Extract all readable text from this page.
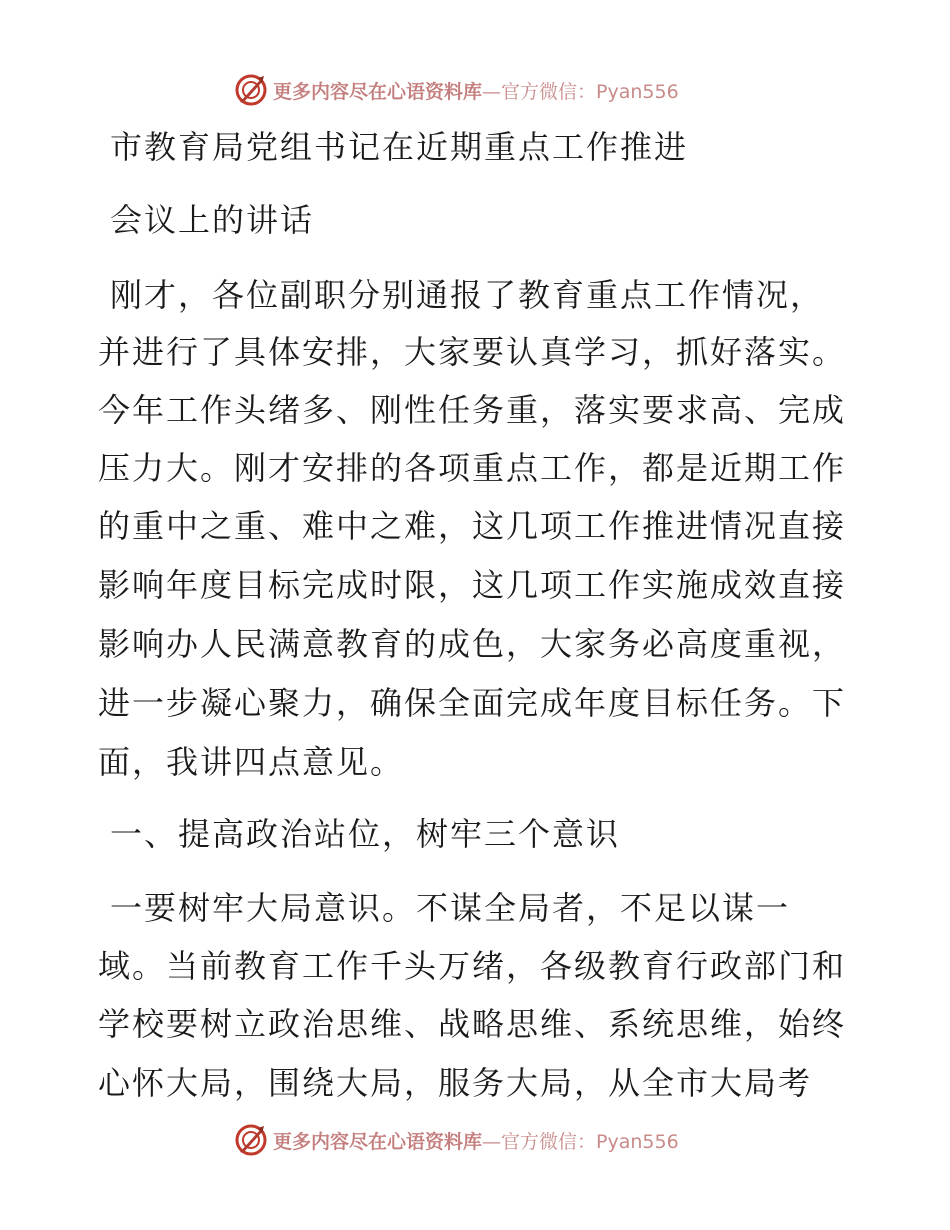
更多内容尽在心语资料库—官方微信：Pyan556
市教育局党组书记在近期重点工作推进
会议上的讲话
刚才，各位副职分别通报了教育重点工作情况，
并进行了具体安排，大家要认真学习，抓好落实。
今年工作头绪多、刚性任务重，落实要求高、完成
压力大。刚才安排的各项重点工作，都是近期工作
的重中之重、难中之难，这几项工作推进情况直接
影响年度目标完成时限，这几项工作实施成效直接
影响办人民满意教育的成色，大家务必高度重视，
进一步凝心聚力，确保全面完成年度目标任务。下
面，我讲四点意见。
一、提高政治站位，树牢三个意识
一要树牢大局意识。不谋全局者，不足以谋一
域。当前教育工作千头万绪，各级教育行政部门和
学校要树立政治思维、战略思维、系统思维，始终
心怀大局，围绕大局，服务大局，从全市大局考
更多内容尽在心语资料库—官方微信：Pyan556
